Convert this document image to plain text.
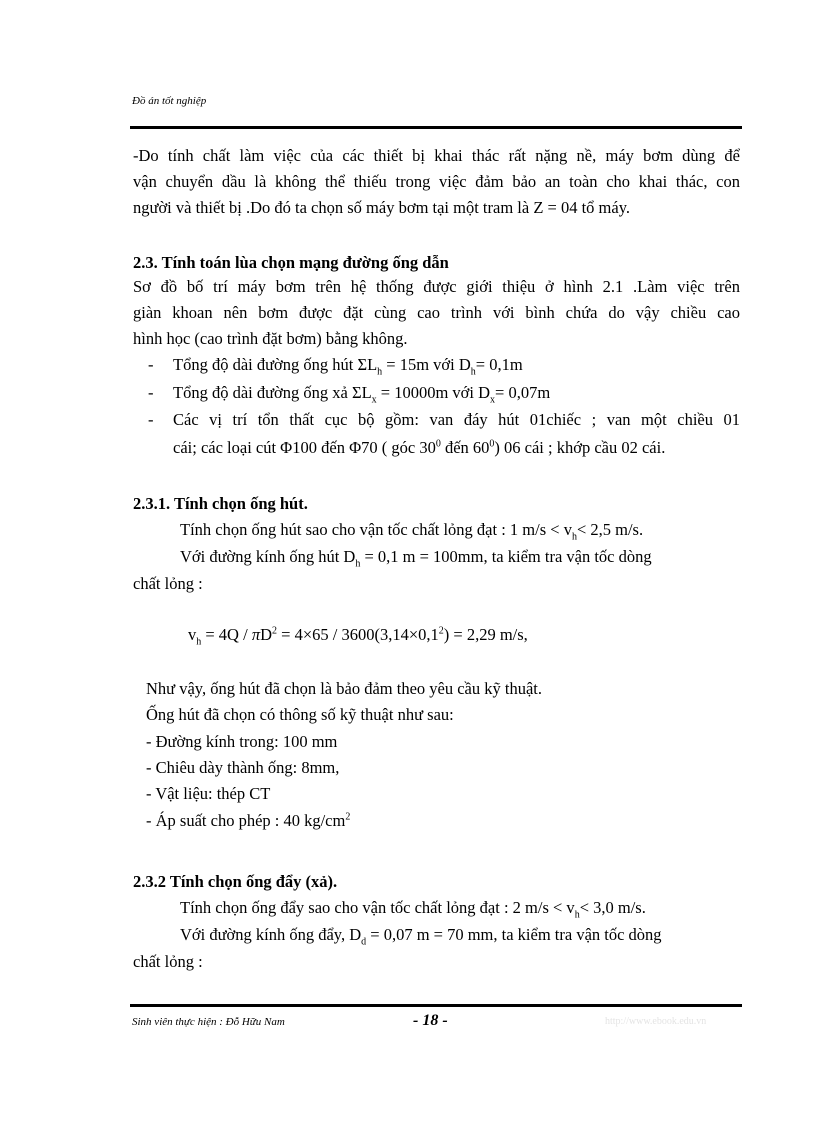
Đồ án tốt nghiệp
-Do tính chất làm việc của các thiết bị khai thác rất nặng nề, máy bơm dùng để
vận chuyển dầu là không thể thiếu trong việc đảm bảo an toàn cho khai thác, con
người và thiết bị .Do đó ta chọn số máy bơm tại một tram là Z = 04 tổ máy.
2.3. Tính toán lùa chọn mạng đường ống dẫn
Sơ đồ bố trí máy bơm trên hệ thống được giới thiệu ở hình 2.1 .Làm việc trên
giàn khoan nên bơm được đặt cùng cao trình với bình chứa do vậy chiều cao
hình học (cao trình đặt bơm) bằng không.
- Tổng độ dài đường ống hút $\Sigma L_h = 15m$ với $D_h= 0,1m$
- Tổng độ dài đường ống xả $\Sigma L_x = 10000m$ với $D_x= 0,07m$
- Các vị trí tổn thất cục bộ gồm: van đáy hút 01chiếc ; van một chiều 01
cái; các loại cút Φ100 đến Φ70 ( góc $30^0$ đến $60^0$) 06 cái ; khớp cầu 02 cái.
2.3.1. Tính chọn ống hút.
Tính chọn ống hút sao cho vận tốc chất lỏng đạt : 1 $m/s < v_h< 2,5$ m/s.
Với đường kính ống hút $D_h = 0,1$ m = 100mm, ta kiểm tra vận tốc dòng
chất lỏng :
$v_h = 4Q / \pi D^2 = 4\times 65 / 3600(3,14\times 0,1^2) = 2,29$ m/s,
Như vậy, ống hút đã chọn là bảo đảm theo yêu cầu kỹ thuật.
Ống hút đã chọn có thông số kỹ thuật như sau:
- Đường kính trong: 100 mm
- Chiêu dày thành ống: 8mm,
- Vật liệu: thép CT
- Áp suất cho phép : 40 $kg/cm^2$
2.3.2 Tính chọn ống đẩy (xả).
Tính chọn ống đẩy sao cho vận tốc chất lỏng đạt : 2 $m/s < v_h< 3,0$ m/s.
Với đường kính ống đẩy, $D_d = 0,07$ m = 70 mm, ta kiểm tra vận tốc dòng
chất lỏng :
Sinh viên thực hiện : Đỗ Hữu Nam	- 18 -	http://www.ebook.edu.vn
